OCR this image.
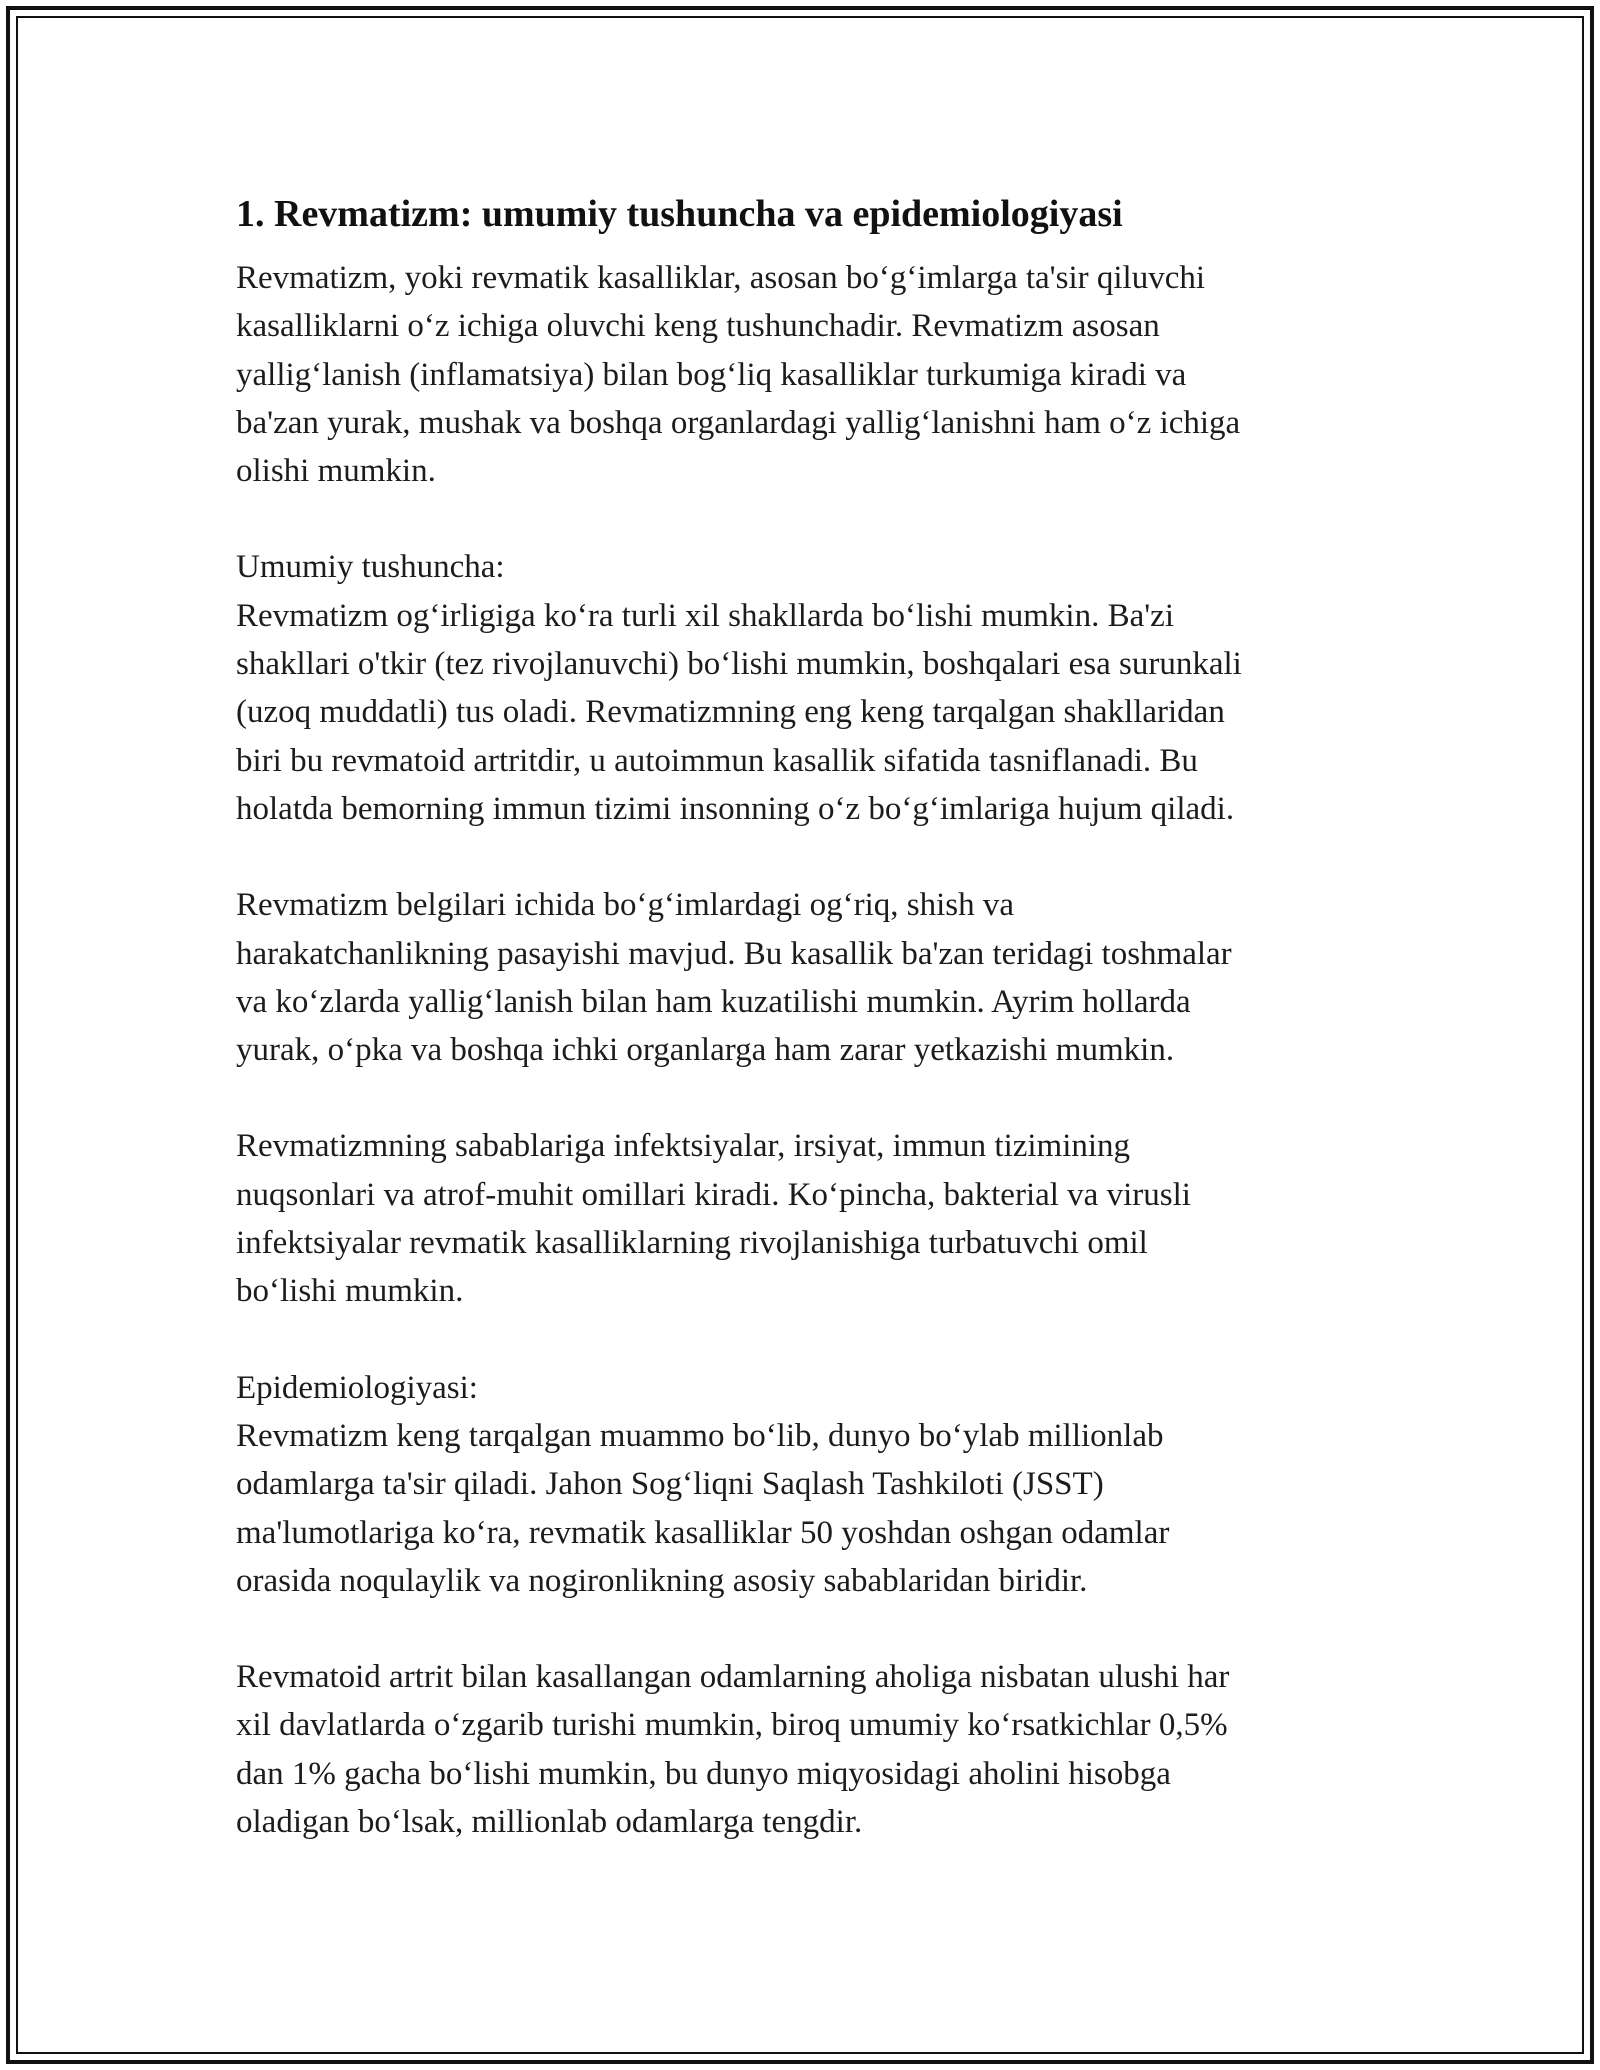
1. Revmatizm: umumiy tushuncha va epidemiologiyasi

Revmatizm, yoki revmatik kasalliklar, asosan bo‘g‘imlarga ta'sir qiluvchi
kasalliklarni o‘z ichiga oluvchi keng tushunchadir. Revmatizm asosan
yallig‘lanish (inflamatsiya) bilan bog‘liq kasalliklar turkumiga kiradi va
ba'zan yurak, mushak va boshqa organlardagi yallig‘lanishni ham o‘z ichiga
olishi mumkin.

Umumiy tushuncha:
Revmatizm og‘irligiga ko‘ra turli xil shakllarda bo‘lishi mumkin. Ba'zi
shakllari o'tkir (tez rivojlanuvchi) bo‘lishi mumkin, boshqalari esa surunkali
(uzoq muddatli) tus oladi. Revmatizmning eng keng tarqalgan shakllaridan
biri bu revmatoid artritdir, u autoimmun kasallik sifatida tasniflanadi. Bu
holatda bemorning immun tizimi insonning o‘z bo‘g‘imlariga hujum qiladi.

Revmatizm belgilari ichida bo‘g‘imlardagi og‘riq, shish va
harakatchanlikning pasayishi mavjud. Bu kasallik ba'zan teridagi toshmalar
va ko‘zlarda yallig‘lanish bilan ham kuzatilishi mumkin. Ayrim hollarda
yurak, o‘pka va boshqa ichki organlarga ham zarar yetkazishi mumkin.

Revmatizmning sabablariga infektsiyalar, irsiyat, immun tizimining
nuqsonlari va atrof-muhit omillari kiradi. Ko‘pincha, bakterial va virusli
infektsiyalar revmatik kasalliklarning rivojlanishiga turbatuvchi omil
bo‘lishi mumkin.

Epidemiologiyasi:
Revmatizm keng tarqalgan muammo bo‘lib, dunyo bo‘ylab millionlab
odamlarga ta'sir qiladi. Jahon Sog‘liqni Saqlash Tashkiloti (JSST)
ma'lumotlariga ko‘ra, revmatik kasalliklar 50 yoshdan oshgan odamlar
orasida noqulaylik va nogironlikning asosiy sabablaridan biridir.

Revmatoid artrit bilan kasallangan odamlarning aholiga nisbatan ulushi har
xil davlatlarda o‘zgarib turishi mumkin, biroq umumiy ko‘rsatkichlar 0,5%
dan 1% gacha bo‘lishi mumkin, bu dunyo miqyosidagi aholini hisobga
oladigan bo‘lsak, millionlab odamlarga tengdir.
